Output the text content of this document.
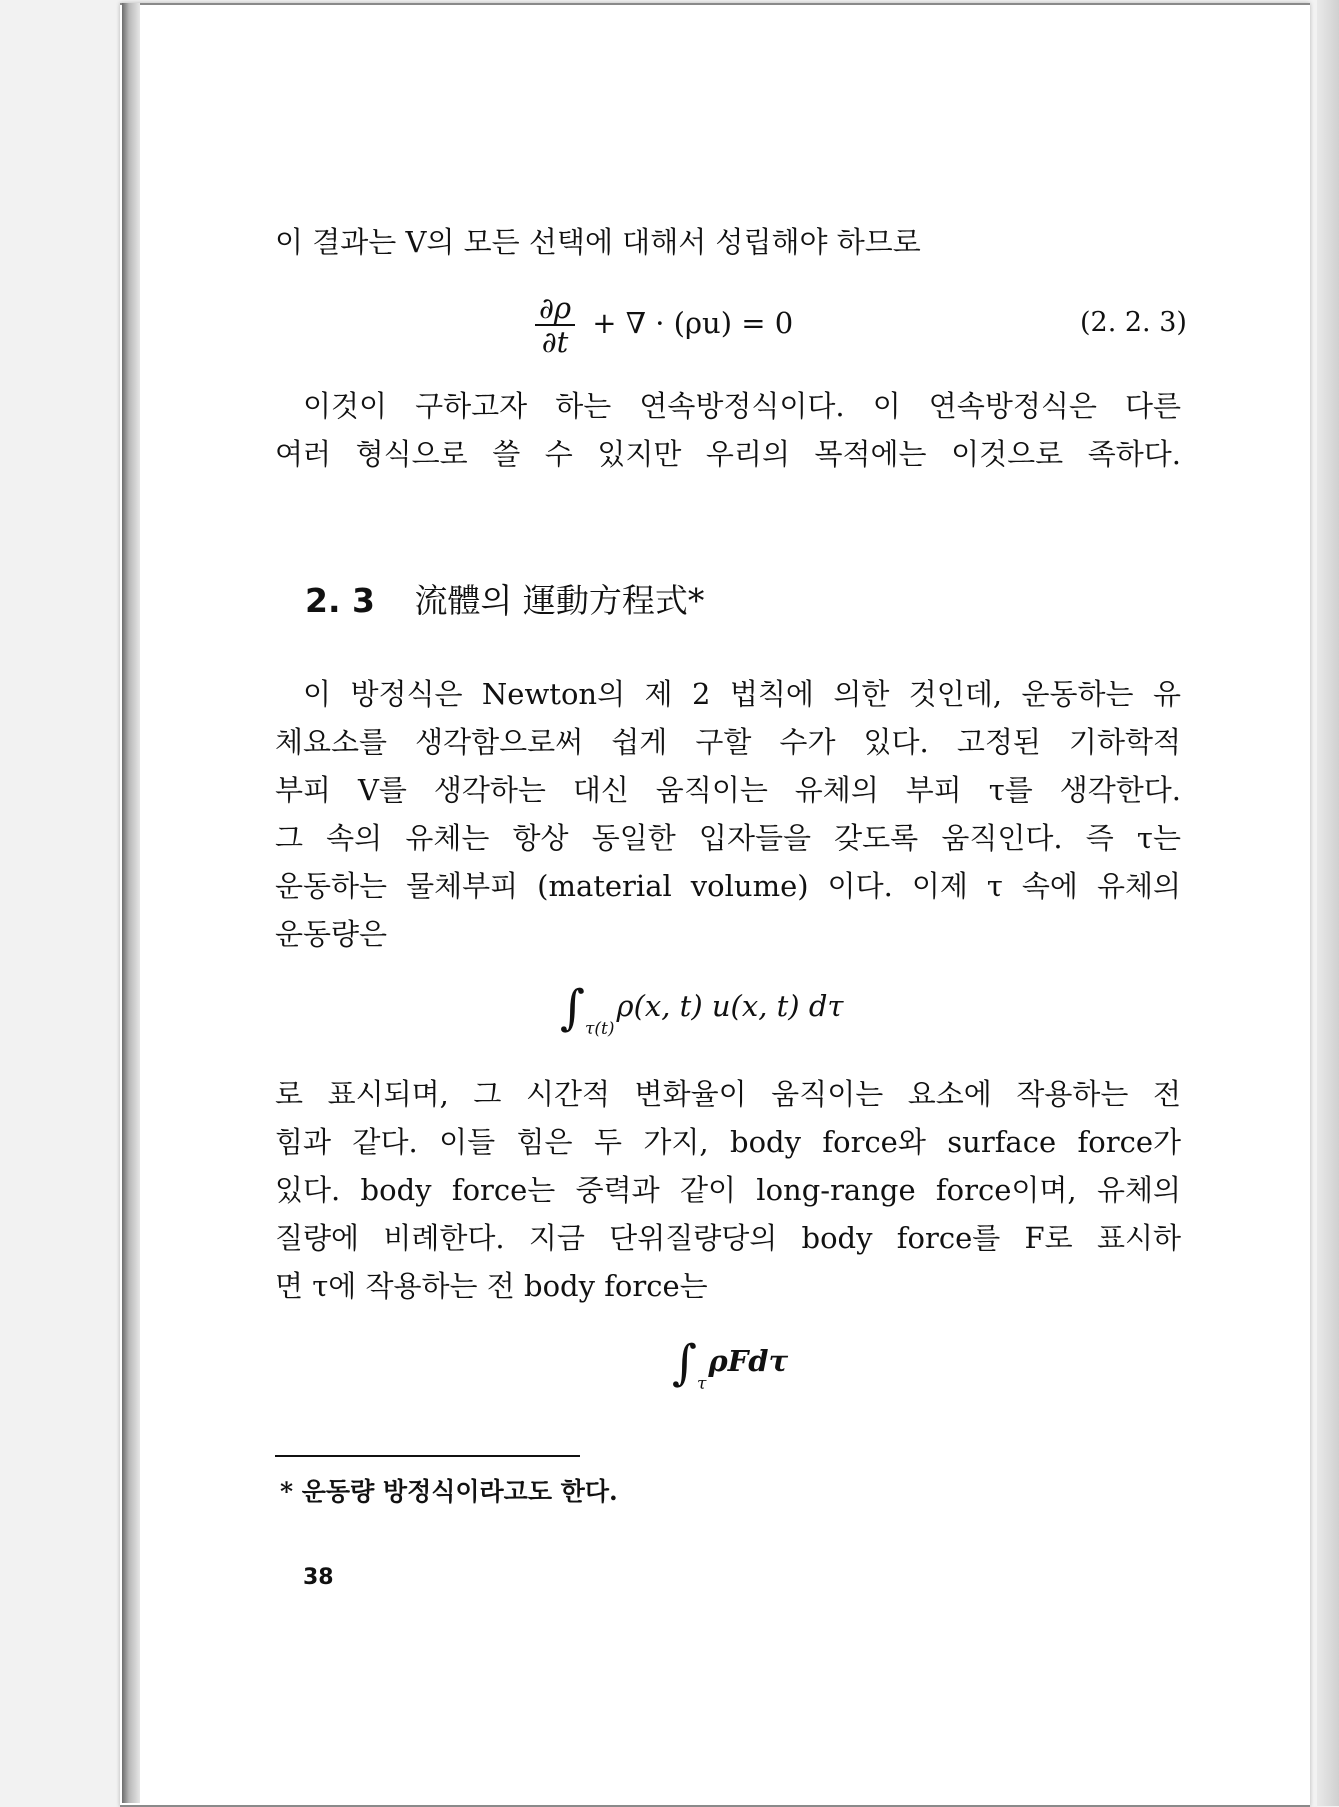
이 결과는 V의 모든 선택에 대해서 성립해야 하므로
$\frac{\partial\rho}{\partial t}$ + ∇ · (ρu) = 0	(2. 2. 3)
이것이 구하고자 하는 연속방정식이다. 이 연속방정식은 다른
여러 형식으로 쓸 수 있지만 우리의 목적에는 이것으로 족하다.
2. 3 流體의 運動方程式*
이 방정식은 Newton의 제 2 법칙에 의한 것인데, 운동하는 유
체요소를 생각함으로써 쉽게 구할 수가 있다. 고정된 기하학적
부피 V를 생각하는 대신 움직이는 유체의 부피 τ를 생각한다.
그 속의 유체는 항상 동일한 입자들을 갖도록 움직인다. 즉 τ는
운동하는 물체부피 (material volume) 이다. 이제 τ 속에 유체의
운동량은
$\int_{\tau(t)}\rho(x$, t) u(x, t) dτ
로 표시되며, 그 시간적 변화율이 움직이는 요소에 작용하는 전
힘과 같다. 이들 힘은 두 가지, body force와 surface force가
있다. body force는 중력과 같이 long-range force이며, 유체의
질량에 비례한다. 지금 단위질량당의 body force를 F로 표시하
면 τ에 작용하는 전 body force는
$\int_\tau\rho Fd\tau$
* 운동량 방정식이라고도 한다.
38
